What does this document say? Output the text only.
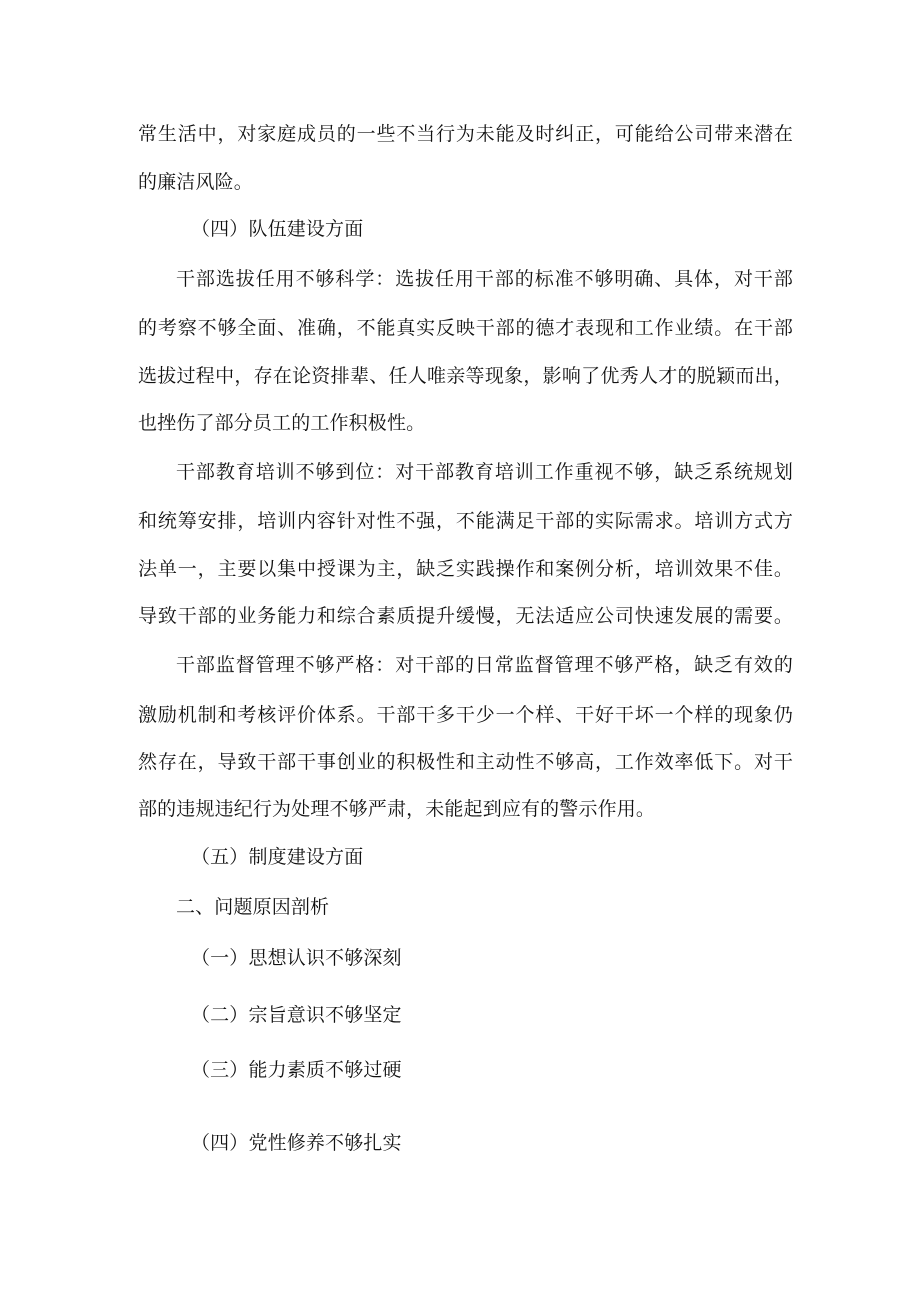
常生活中，对家庭成员的一些不当行为未能及时纠正，可能给公司带来潜在
的廉洁风险。
（四）队伍建设方面
干部选拔任用不够科学：选拔任用干部的标准不够明确、具体，对干部
的考察不够全面、准确，不能真实反映干部的德才表现和工作业绩。在干部
选拔过程中，存在论资排辈、任人唯亲等现象，影响了优秀人才的脱颖而出，
也挫伤了部分员工的工作积极性。
干部教育培训不够到位：对干部教育培训工作重视不够，缺乏系统规划
和统筹安排，培训内容针对性不强，不能满足干部的实际需求。培训方式方
法单一，主要以集中授课为主，缺乏实践操作和案例分析，培训效果不佳。
导致干部的业务能力和综合素质提升缓慢，无法适应公司快速发展的需要。
干部监督管理不够严格：对干部的日常监督管理不够严格，缺乏有效的
激励机制和考核评价体系。干部干多干少一个样、干好干坏一个样的现象仍
然存在，导致干部干事创业的积极性和主动性不够高，工作效率低下。对干
部的违规违纪行为处理不够严肃，未能起到应有的警示作用。
（五）制度建设方面
二、问题原因剖析
（一）思想认识不够深刻
（二）宗旨意识不够坚定
（三）能力素质不够过硬
（四）党性修养不够扎实
